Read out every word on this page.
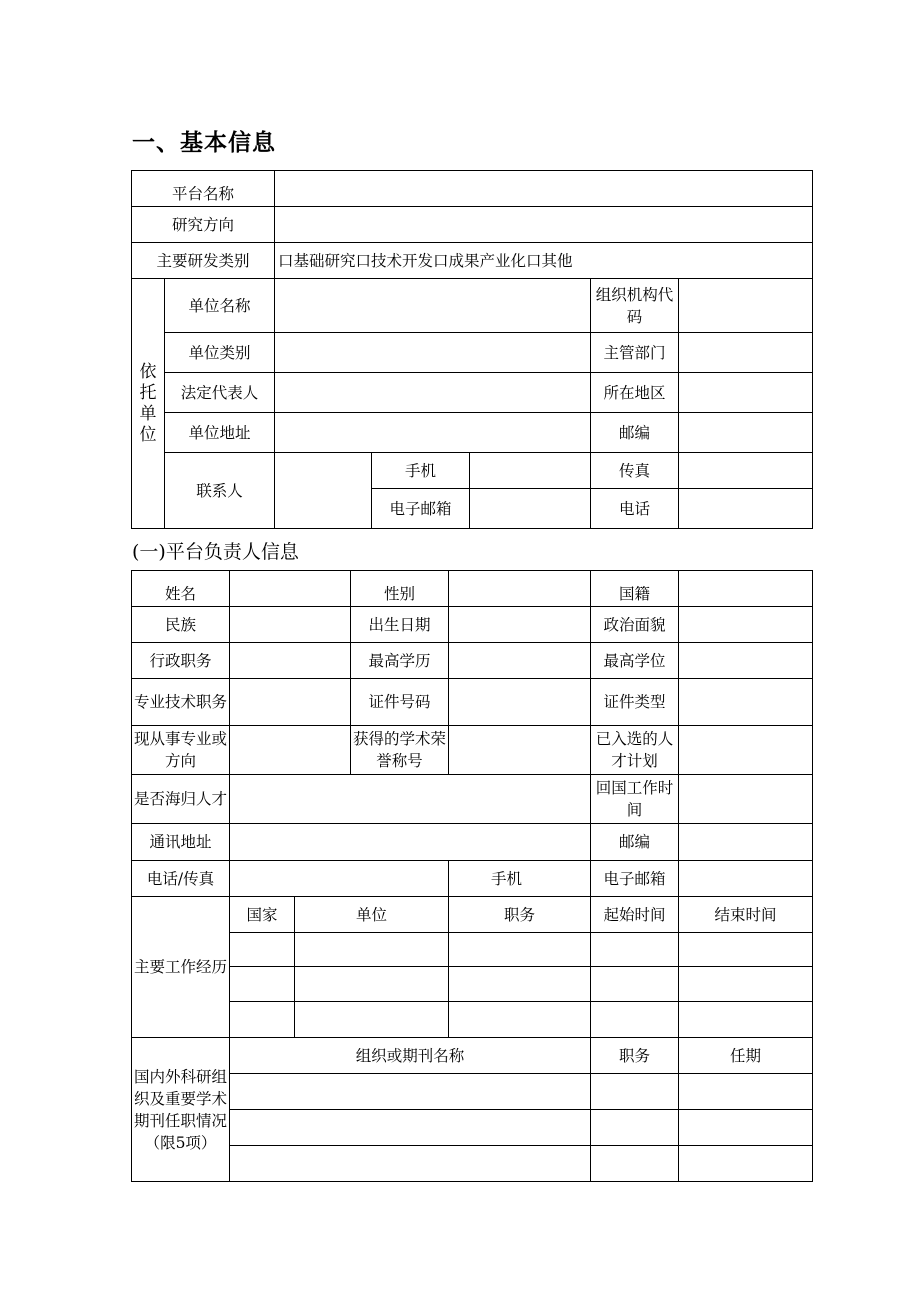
一、基本信息
平台名称						
研究方向						
主要研发类别		口基础研究口技术开发口成果产业化口其他				
依托单位	单位名称				组织机构代码	
	单位类别				主管部门	
	法定代表人				所在地区	
	单位地址				邮编	
	联系人		手机		传真	
			电子邮箱		电话	
(一)平台负责人信息
姓名			性别		国籍	
民族			出生日期		政治面貌	
行政职务			最高学历		最高学位	
专业技术职务			证件号码		证件类型	
现从事专业或方向			获得的学术荣誉称号		已入选的人才计划	
是否海归人才					回国工作时间	
通讯地址					邮编	
电话/传真				手机	电子邮箱	
主要工作经历	国家	单位		职务	起始时间	结束时间

国内外科研组织及重要学术期刊任职情况（限5项）	组织或期刊名称				职务	任期
